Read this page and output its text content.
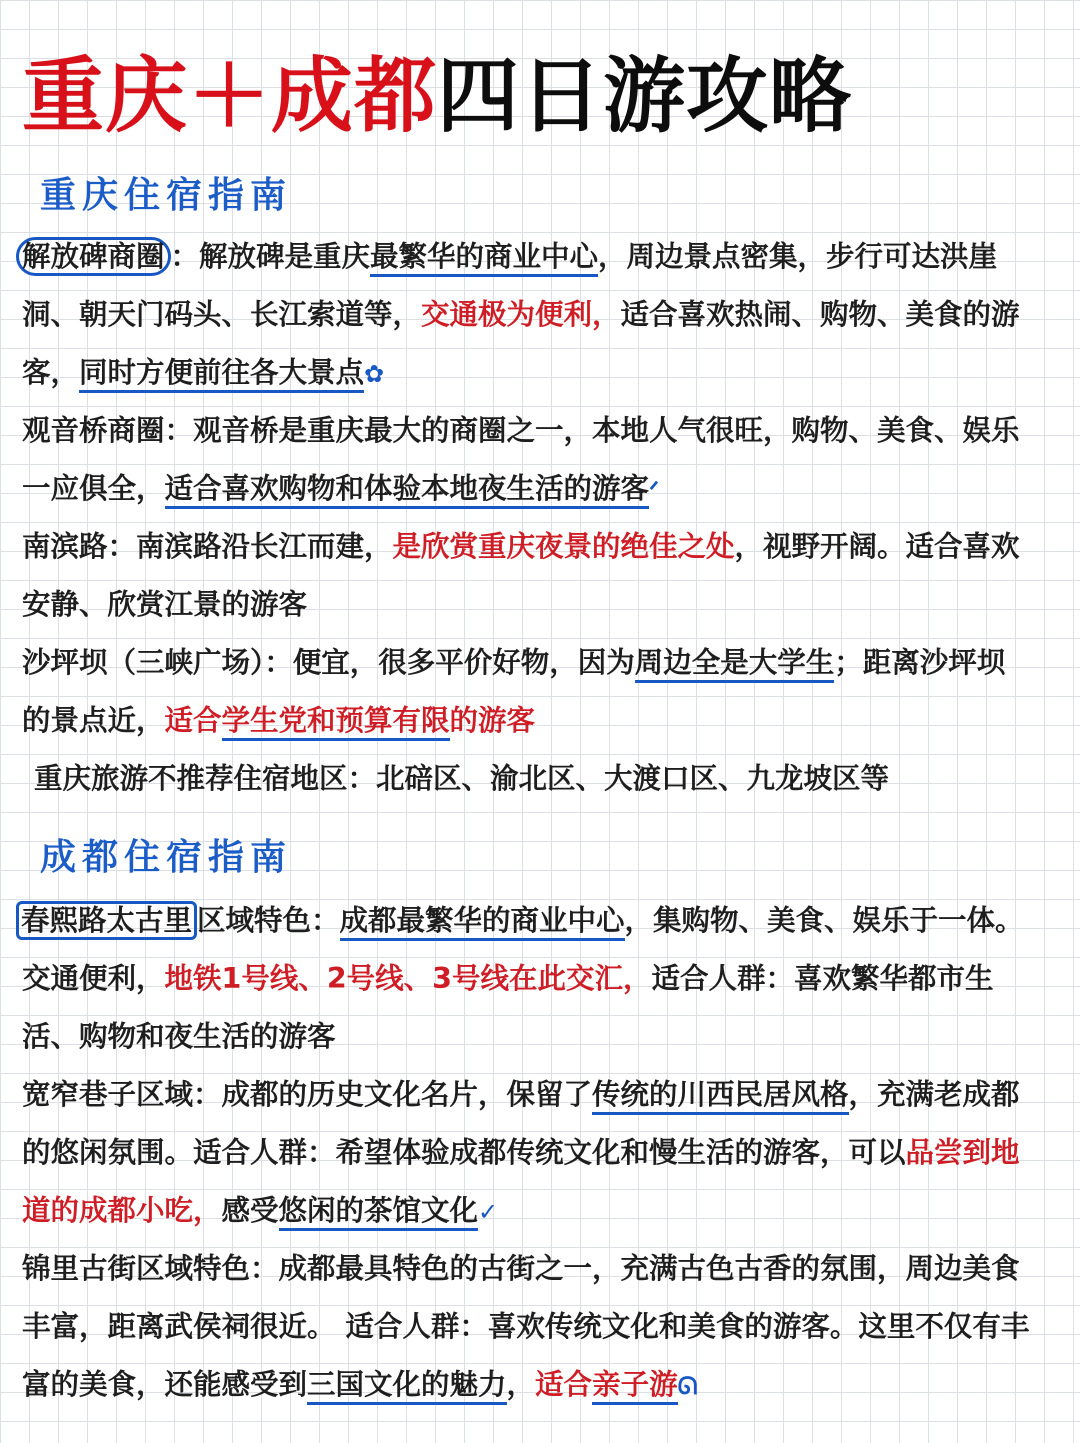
重庆＋成都四日游攻略
重庆住宿指南
解放碑商圈 ：解放碑是重庆最繁华的商业中心，周边景点密集，步行可达洪崖洞、朝天门码头、长江索道等，交通极为便利，适合喜欢热闹、购物、美食的游客，同时方便前往各大景点✿
观音桥商圈：观音桥是重庆最大的商圈之一，本地人气很旺，购物、美食、娱乐一应俱全，适合喜欢购物和体验本地夜生活的游客ᐟ
南滨路：南滨路沿长江而建，是欣赏重庆夜景的绝佳之处，视野开阔。适合喜欢安静、欣赏江景的游客
沙坪坝（三峡广场）：便宜，很多平价好物，因为周边全是大学生；距离沙坪坝的景点近，适合学生党和预算有限的游客
重庆旅游不推荐住宿地区：北碚区、渝北区、大渡口区、九龙坡区等
成都住宿指南
春熙路太古里 区域特色：成都最繁华的商业中心，集购物、美食、娱乐于一体。交通便利，地铁1号线、2号线、3号线在此交汇，适合人群：喜欢繁华都市生活、购物和夜生活的游客
宽窄巷子区域：成都的历史文化名片，保留了传统的川西民居风格，充满老成都的悠闲氛围。适合人群：希望体验成都传统文化和慢生活的游客，可以品尝到地道的成都小吃，感受悠闲的茶馆文化✓
锦里古街区域特色：成都最具特色的古街之一，充满古色古香的氛围，周边美食丰富，距离武侯祠很近。 适合人群：喜欢传统文化和美食的游客。这里不仅有丰富的美食，还能感受到三国文化的魅力，适合亲子游ᘏ
